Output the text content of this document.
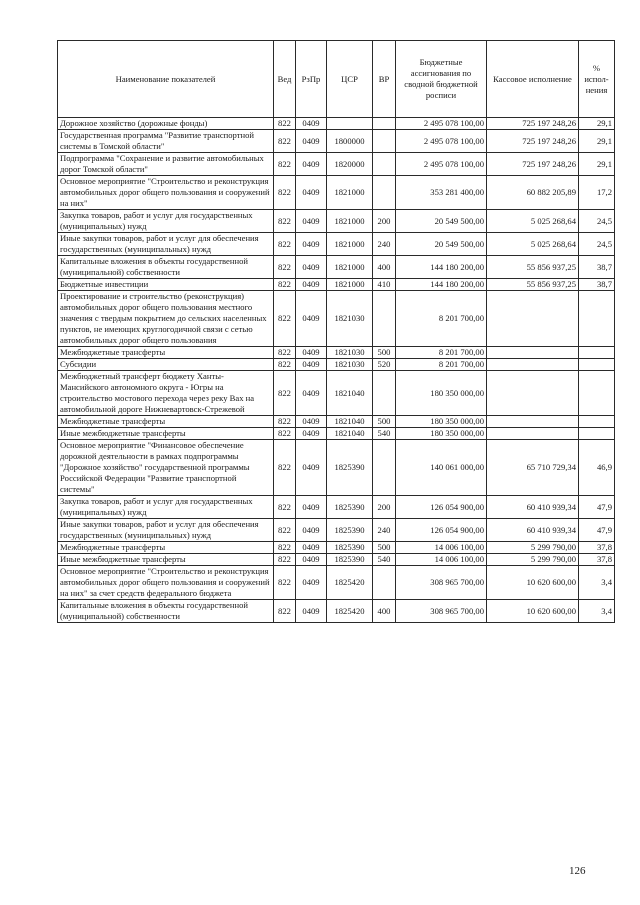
Наименование показателей	Вед	РзПр	ЦСР	ВР	Бюджетные ассигнования по сводной бюджетной росписи	Кассовое исполнение	% испол-нения
Дорожное хозяйство (дорожные фонды)	822	0409			2 495 078 100,00	725 197 248,26	29,1
Государственная программа "Развитие транспортной системы в Томской области"	822	0409	1800000		2 495 078 100,00	725 197 248,26	29,1
Подпрограмма "Сохранение и развитие автомобильных дорог Томской области"	822	0409	1820000		2 495 078 100,00	725 197 248,26	29,1
Основное мероприятие "Строительство и реконструкция автомобильных дорог общего пользования и сооружений на них"	822	0409	1821000		353 281 400,00	60 882 205,89	17,2
Закупка товаров, работ и услуг для государственных (муниципальных) нужд	822	0409	1821000	200	20 549 500,00	5 025 268,64	24,5
Иные закупки товаров, работ и услуг для обеспечения государственных (муниципальных) нужд	822	0409	1821000	240	20 549 500,00	5 025 268,64	24,5
Капитальные вложения в объекты государственной (муниципальной) собственности	822	0409	1821000	400	144 180 200,00	55 856 937,25	38,7
Бюджетные инвестиции	822	0409	1821000	410	144 180 200,00	55 856 937,25	38,7
Проектирование и строительство (реконструкция) автомобильных дорог общего пользования местного значения с твердым покрытием до сельских населенных пунктов, не имеющих круглогодичной связи с сетью автомобильных дорог общего пользования	822	0409	1821030		8 201 700,00		
Межбюджетные трансферты	822	0409	1821030	500	8 201 700,00		
Субсидии	822	0409	1821030	520	8 201 700,00		
Межбюджетный трансферт бюджету Ханты-Мансийского автономного округа - Югры на строительство мостового перехода через реку Вах на автомобильной дороге Нижневартовск-Стрежевой	822	0409	1821040		180 350 000,00		
Межбюджетные трансферты	822	0409	1821040	500	180 350 000,00		
Иные межбюджетные трансферты	822	0409	1821040	540	180 350 000,00		
Основное мероприятие "Финансовое обеспечение дорожной деятельности в рамках подпрограммы "Дорожное хозяйство" государственной программы Российской Федерации "Развитие транспортной системы"	822	0409	1825390		140 061 000,00	65 710 729,34	46,9
Закупка товаров, работ и услуг для государственных (муниципальных) нужд	822	0409	1825390	200	126 054 900,00	60 410 939,34	47,9
Иные закупки товаров, работ и услуг для обеспечения государственных (муниципальных) нужд	822	0409	1825390	240	126 054 900,00	60 410 939,34	47,9
Межбюджетные трансферты	822	0409	1825390	500	14 006 100,00	5 299 790,00	37,8
Иные межбюджетные трансферты	822	0409	1825390	540	14 006 100,00	5 299 790,00	37,8
Основное мероприятие "Строительство и реконструкция автомобильных дорог общего пользования и сооружений на них" за счет средств федерального бюджета	822	0409	1825420		308 965 700,00	10 620 600,00	3,4
Капитальные вложения в объекты государственной (муниципальной) собственности	822	0409	1825420	400	308 965 700,00	10 620 600,00	3,4
126
